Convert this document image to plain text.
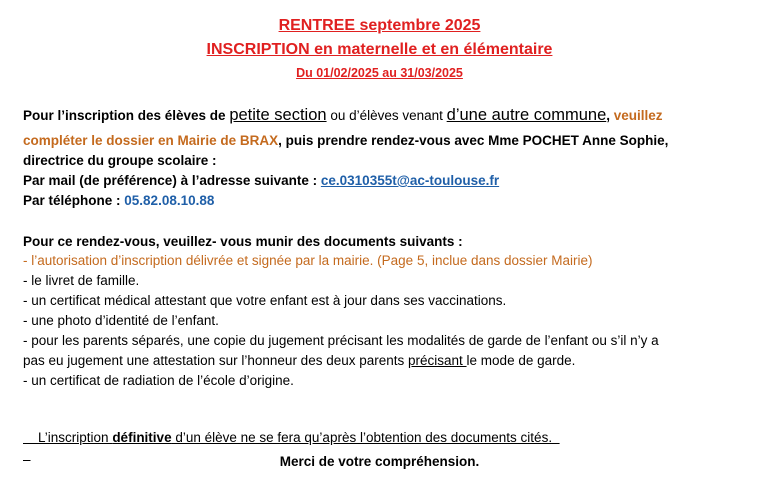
RENTREE septembre 2025
INSCRIPTION en maternelle et en élémentaire
Du 01/02/2025 au 31/03/2025
Pour l’inscription des élèves de petite section ou d’élèves venant d’une autre commune, veuillez
compléter le dossier en Mairie de BRAX, puis prendre rendez-vous avec Mme POCHET Anne Sophie,
directrice du groupe scolaire :
Par mail (de préférence) à l’adresse suivante : ce.0310355t@ac-toulouse.fr
Par téléphone : 05.82.08.10.88
Pour ce rendez-vous, veuillez- vous munir des documents suivants :
- l’autorisation d’inscription délivrée et signée par la mairie. (Page 5, inclue dans dossier Mairie)
- le livret de famille.
- un certificat médical attestant que votre enfant est à jour dans ses vaccinations.
- une photo d’identité de l’enfant.
- pour les parents séparés, une copie du jugement précisant les modalités de garde de l’enfant ou s’il n’y a
pas eu jugement une attestation sur l’honneur des deux parents précisant le mode de garde.
- un certificat de radiation de l’école d’origine.

L’inscription définitive d’un élève ne se fera qu’après l’obtention des documents cités.

Merci de votre compréhension.
